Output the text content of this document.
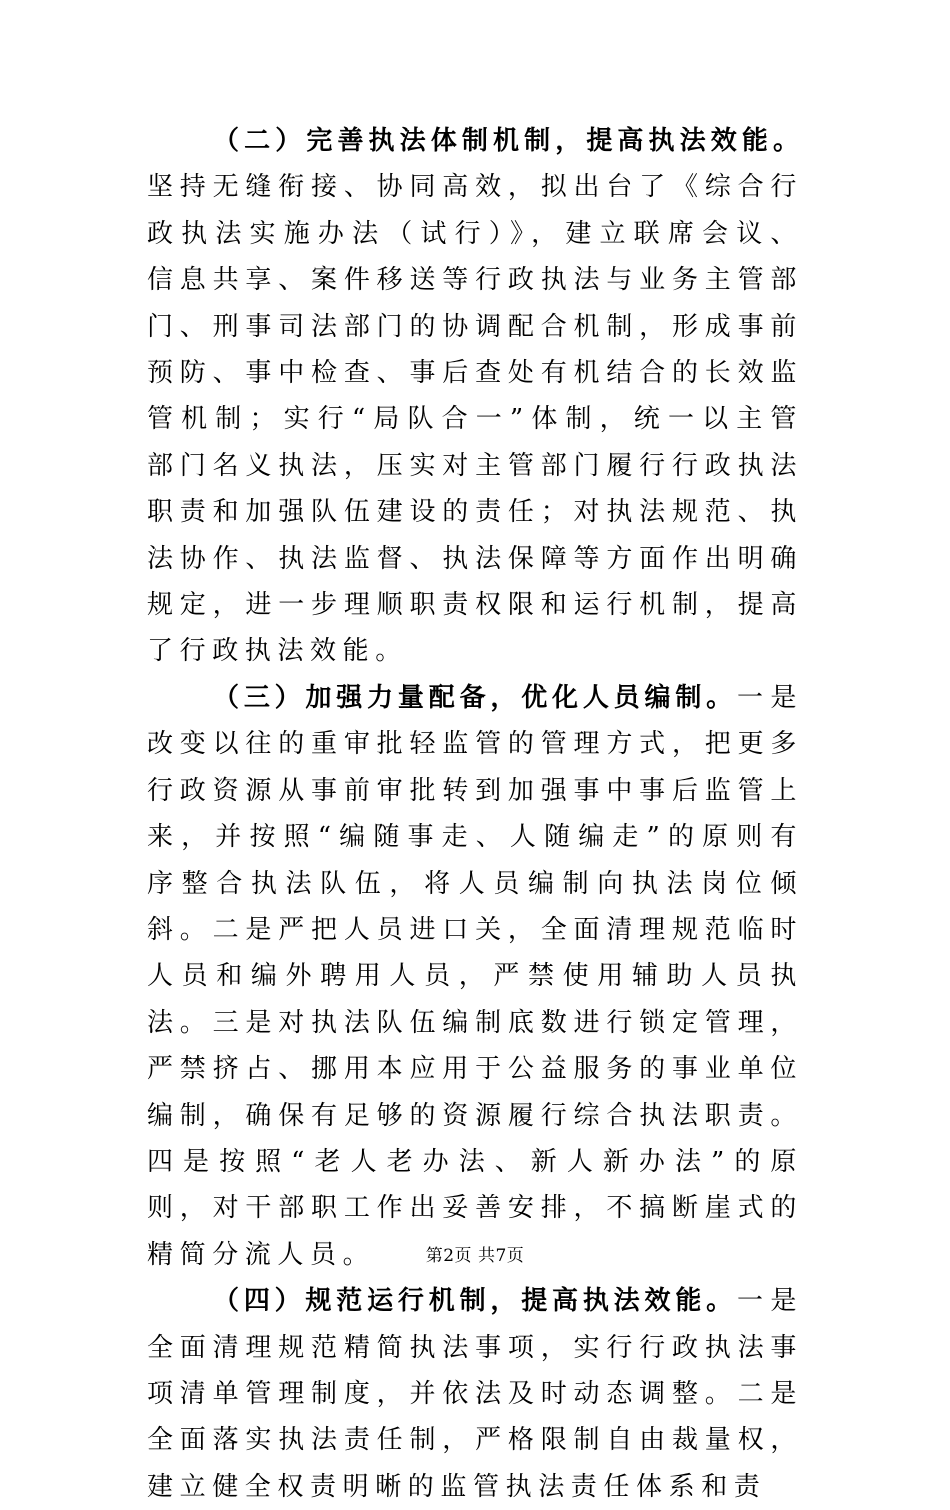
（二）完善执法体制机制，提高执法效能。坚持无缝衔接、协同高效，拟出台了《综合行政执法实施办法（试行）》，建立联席会议、信息共享、案件移送等行政执法与业务主管部门、刑事司法部门的协调配合机制，形成事前预防、事中检查、事后查处有机结合的长效监管机制；实行“局队合一”体制，统一以主管部门名义执法，压实对主管部门履行行政执法职责和加强队伍建设的责任；对执法规范、执法协作、执法监督、执法保障等方面作出明确规定，进一步理顺职责权限和运行机制，提高了行政执法效能。

（三）加强力量配备，优化人员编制。一是改变以往的重审批轻监管的管理方式，把更多行政资源从事前审批转到加强事中事后监管上来，并按照“编随事走、人随编走”的原则有序整合执法队伍，将人员编制向执法岗位倾斜。二是严把人员进口关，全面清理规范临时人员和编外聘用人员，严禁使用辅助人员执法。三是对执法队伍编制底数进行锁定管理，严禁挤占、挪用本应用于公益服务的事业单位编制，确保有足够的资源履行综合执法职责。四是按照“老人老办法、新人新办法”的原则，对干部职工作出妥善安排，不搞断崖式的精简分流人员。

（四）规范运行机制，提高执法效能。一是全面清理规范精简执法事项，实行行政执法事项清单管理制度，并依法及时动态调整。二是全面落实执法责任制，严格限制自由裁量权，建立健全权责明晰的监管执法责任体系和责

第2页 共7页
